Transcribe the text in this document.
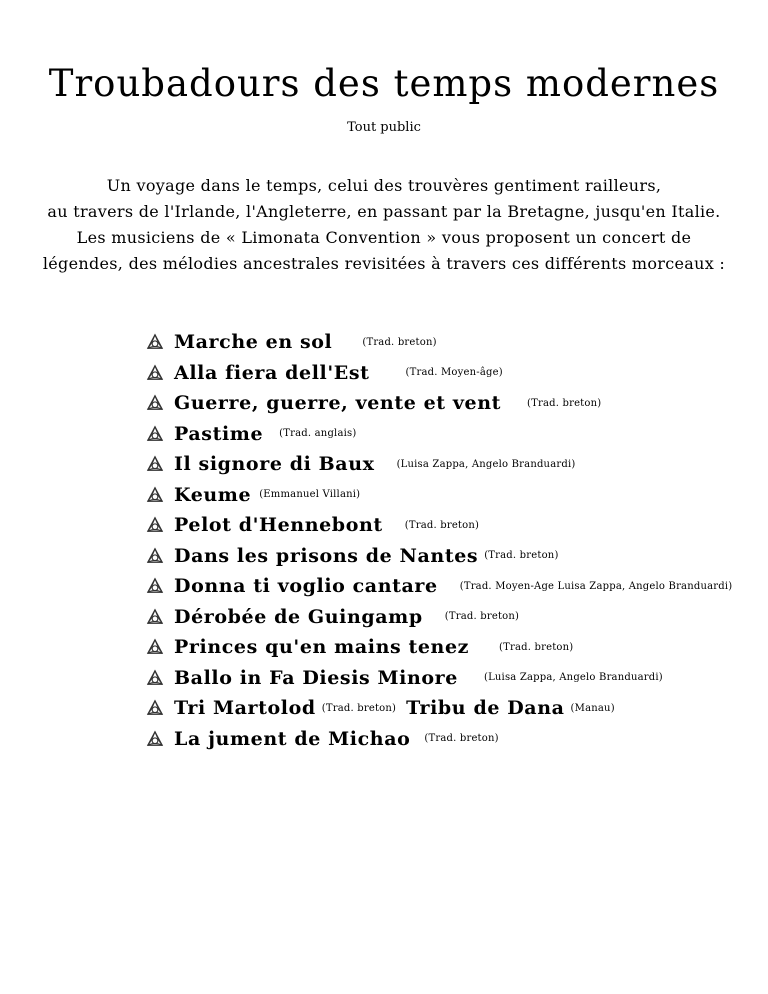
Troubadours des temps modernes
Tout public

Un voyage dans le temps, celui des trouvères gentiment railleurs,

au travers de l'Irlande, l'Angleterre, en passant par la Bretagne, jusqu'en Italie.

Les musiciens de « Limonata Convention » vous proposent un concert de

légendes, des mélodies ancestrales revisitées à travers ces différents morceaux :

Marche en sol	(Trad. breton)
Alla fiera dell'Est	(Trad. Moyen-âge)
Guerre, guerre, vente et vent	(Trad. breton)
Pastime (Trad. anglais)
Il signore di Baux (Luisa Zappa, Angelo Branduardi)
Keume (Emmanuel Villani)
Pelot d'Hennebont (Trad. breton)
Dans les prisons de Nantes (Trad. breton)
Donna ti voglio cantare (Trad. Moyen-Age Luisa Zappa, Angelo Branduardi)
Dérobée de Guingamp (Trad. breton)
Princes qu'en mains tenez	(Trad. breton)
Ballo in Fa Diesis Minore	(Luisa Zappa, Angelo Branduardi)
Tri Martolod (Trad. breton) Tribu de Dana (Manau)
La jument de Michao (Trad. breton)
